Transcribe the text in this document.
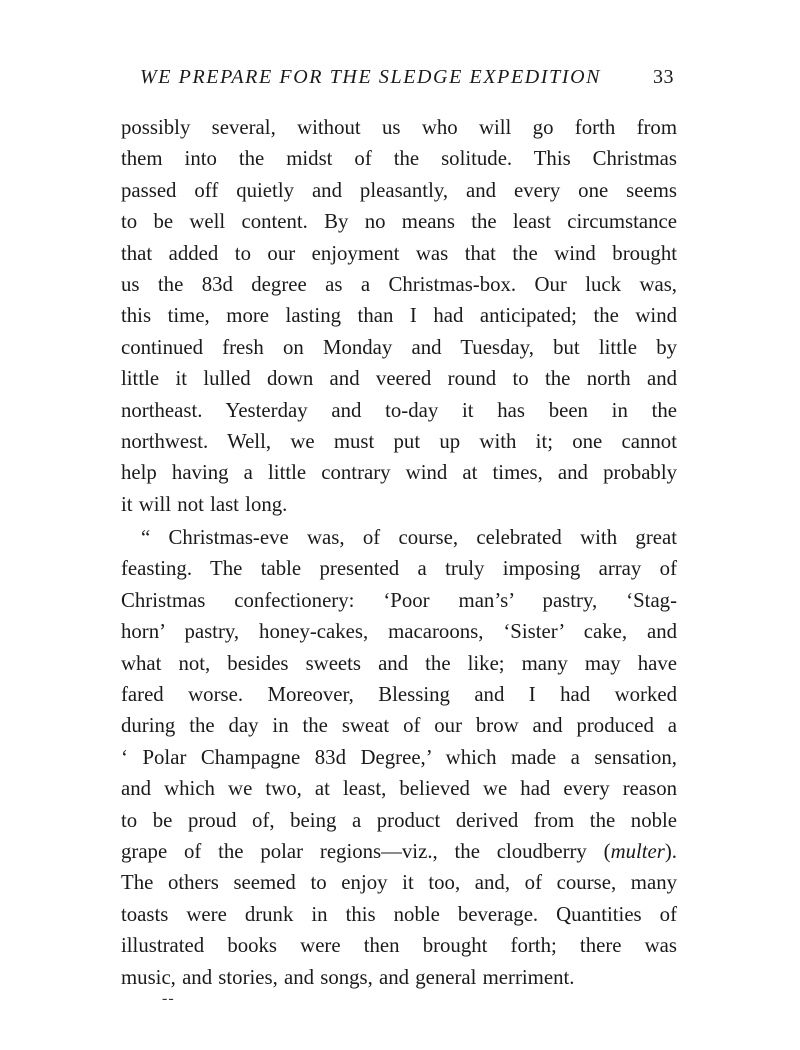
WE PREPARE FOR THE SLEDGE EXPEDITION	33
possibly several, without us who will go forth from
them into the midst of the solitude. This Christmas
passed off quietly and pleasantly, and every one seems
to be well content. By no means the least circumstance
that added to our enjoyment was that the wind brought
us the 83d degree as a Christmas-box. Our luck was,
this time, more lasting than I had anticipated; the wind
continued fresh on Monday and Tuesday, but little by
little it lulled down and veered round to the north and
northeast. Yesterday and to-day it has been in the
northwest. Well, we must put up with it; one cannot
help having a little contrary wind at times, and probably
it will not last long.
“ Christmas-eve was, of course, celebrated with great
feasting. The table presented a truly imposing array of
Christmas confectionery: ‘Poor man’s’ pastry, ‘Stag-
horn’ pastry, honey-cakes, macaroons, ‘Sister’ cake, and
what not, besides sweets and the like; many may have
fared worse. Moreover, Blessing and I had worked
during the day in the sweat of our brow and produced a
‘ Polar Champagne 83d Degree,’ which made a sensation,
and which we two, at least, believed we had every reason
to be proud of, being a product derived from the noble
grape of the polar regions—viz., the cloudberry (multer).
The others seemed to enjoy it too, and, of course, many
toasts were drunk in this noble beverage. Quantities of
illustrated books were then brought forth; there was
music, and stories, and songs, and general merriment.
--
